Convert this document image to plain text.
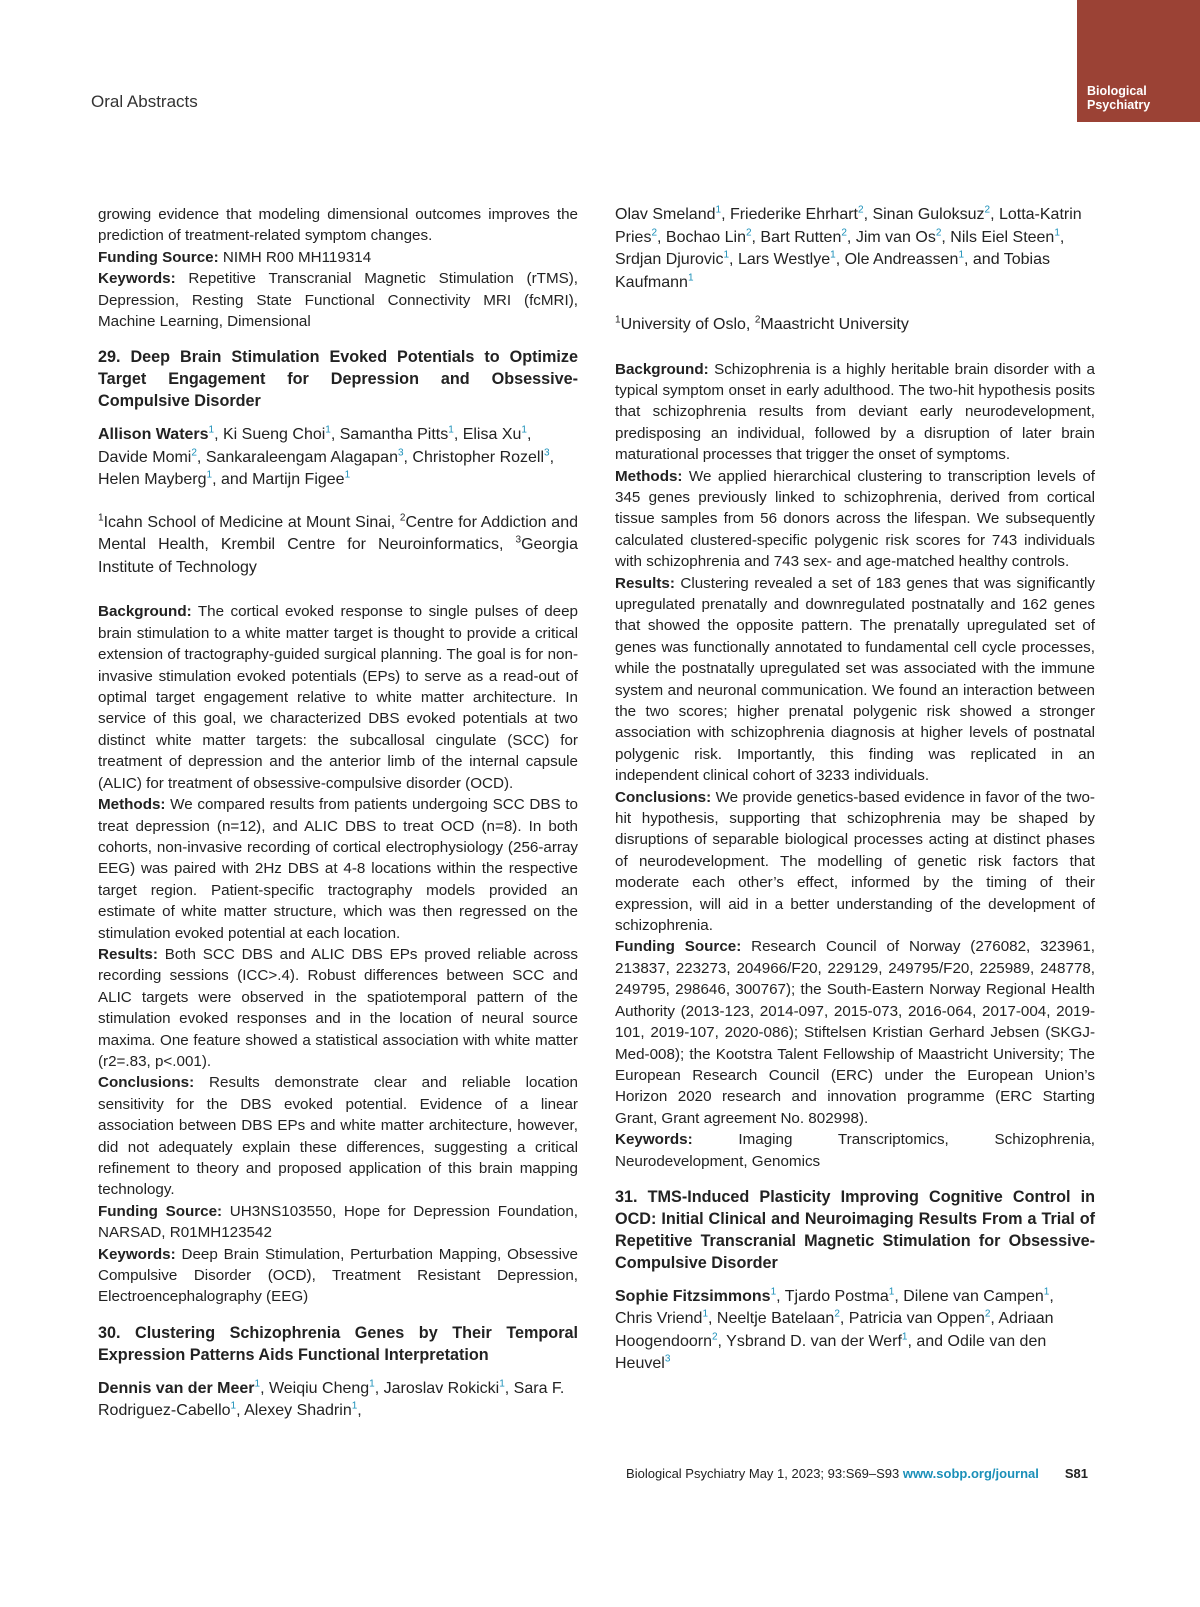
Oral Abstracts
Biological
Psychiatry

growing evidence that modeling dimensional outcomes improves the prediction of treatment-related symptom changes.

Funding Source: NIMH R00 MH119314

Keywords: Repetitive Transcranial Magnetic Stimulation (rTMS), Depression, Resting State Functional Connectivity MRI (fcMRI), Machine Learning, Dimensional

29. Deep Brain Stimulation Evoked Potentials to Optimize Target Engagement for Depression and Obsessive-Compulsive Disorder

Allison Waters$^1$, Ki Sueng Choi$^1$, Samantha Pitts$^1$, Elisa Xu$^1$, Davide Momi$^2$, Sankaraleengam Alagapan$^3$, Christopher Rozell$^3$, Helen Mayberg$^1$, and Martijn Figee$^1$

$^1$Icahn School of Medicine at Mount Sinai, $^2$Centre for Addiction and Mental Health, Krembil Centre for Neuroinformatics, $^3$Georgia Institute of Technology

Background: The cortical evoked response to single pulses of deep brain stimulation to a white matter target is thought to provide a critical extension of tractography-guided surgical planning. The goal is for non-invasive stimulation evoked potentials (EPs) to serve as a read-out of optimal target engagement relative to white matter architecture. In service of this goal, we characterized DBS evoked potentials at two distinct white matter targets: the subcallosal cingulate (SCC) for treatment of depression and the anterior limb of the internal capsule (ALIC) for treatment of obsessive-compulsive disorder (OCD).

Methods: We compared results from patients undergoing SCC DBS to treat depression (n=12), and ALIC DBS to treat OCD (n=8). In both cohorts, non-invasive recording of cortical electrophysiology (256-array EEG) was paired with 2Hz DBS at 4-8 locations within the respective target region. Patient-specific tractography models provided an estimate of white matter structure, which was then regressed on the stimulation evoked potential at each location.

Results: Both SCC DBS and ALIC DBS EPs proved reliable across recording sessions (ICC>.4). Robust differences between SCC and ALIC targets were observed in the spatiotemporal pattern of the stimulation evoked responses and in the location of neural source maxima. One feature showed a statistical association with white matter (r2=.83, p<.001).

Conclusions: Results demonstrate clear and reliable location sensitivity for the DBS evoked potential. Evidence of a linear association between DBS EPs and white matter architecture, however, did not adequately explain these differences, suggesting a critical refinement to theory and proposed application of this brain mapping technology.

Funding Source: UH3NS103550, Hope for Depression Foundation, NARSAD, R01MH123542

Keywords: Deep Brain Stimulation, Perturbation Mapping, Obsessive Compulsive Disorder (OCD), Treatment Resistant Depression, Electroencephalography (EEG)

30. Clustering Schizophrenia Genes by Their Temporal Expression Patterns Aids Functional Interpretation

Dennis van der Meer$^1$, Weiqiu Cheng$^1$, Jaroslav Rokicki$^1$, Sara F. Rodriguez-Cabello$^1$, Alexey Shadrin$^1$,

Olav Smeland$^1$, Friederike Ehrhart$^2$, Sinan Guloksuz$^2$, Lotta-Katrin Pries$^2$, Bochao Lin$^2$, Bart Rutten$^2$, Jim van Os$^2$, Nils Eiel Steen$^1$, Srdjan Djurovic$^1$, Lars Westlye$^1$, Ole Andreassen$^1$, and Tobias Kaufmann$^1$

$^1$University of Oslo, $^2$Maastricht University

Background: Schizophrenia is a highly heritable brain disorder with a typical symptom onset in early adulthood. The two-hit hypothesis posits that schizophrenia results from deviant early neurodevelopment, predisposing an individual, followed by a disruption of later brain maturational processes that trigger the onset of symptoms.

Methods: We applied hierarchical clustering to transcription levels of 345 genes previously linked to schizophrenia, derived from cortical tissue samples from 56 donors across the lifespan. We subsequently calculated clustered-specific polygenic risk scores for 743 individuals with schizophrenia and 743 sex- and age-matched healthy controls.

Results: Clustering revealed a set of 183 genes that was significantly upregulated prenatally and downregulated postnatally and 162 genes that showed the opposite pattern. The prenatally upregulated set of genes was functionally annotated to fundamental cell cycle processes, while the postnatally upregulated set was associated with the immune system and neuronal communication. We found an interaction between the two scores; higher prenatal polygenic risk showed a stronger association with schizophrenia diagnosis at higher levels of postnatal polygenic risk. Importantly, this finding was replicated in an independent clinical cohort of 3233 individuals.

Conclusions: We provide genetics-based evidence in favor of the two-hit hypothesis, supporting that schizophrenia may be shaped by disruptions of separable biological processes acting at distinct phases of neurodevelopment. The modelling of genetic risk factors that moderate each other’s effect, informed by the timing of their expression, will aid in a better understanding of the development of schizophrenia.

Funding Source: Research Council of Norway (276082, 323961, 213837, 223273, 204966/F20, 229129, 249795/F20, 225989, 248778, 249795, 298646, 300767); the South-Eastern Norway Regional Health Authority (2013-123, 2014-097, 2015-073, 2016-064, 2017-004, 2019-101, 2019-107, 2020-086); Stiftelsen Kristian Gerhard Jebsen (SKGJ-Med-008); the Kootstra Talent Fellowship of Maastricht University; The European Research Council (ERC) under the European Union’s Horizon 2020 research and innovation programme (ERC Starting Grant, Grant agreement No. 802998).

Keywords: Imaging Transcriptomics, Schizophrenia, Neurodevelopment, Genomics

31. TMS-Induced Plasticity Improving Cognitive Control in OCD: Initial Clinical and Neuroimaging Results From a Trial of Repetitive Transcranial Magnetic Stimulation for Obsessive-Compulsive Disorder

Sophie Fitzsimmons$^1$, Tjardo Postma$^1$, Dilene van Campen$^1$, Chris Vriend$^1$, Neeltje Batelaan$^2$, Patricia van Oppen$^2$, Adriaan Hoogendoorn$^2$, Ysbrand D. van der Werf$^1$, and Odile van den Heuvel$^3$

Biological Psychiatry May 1, 2023; 93:S69–S93 www.sobp.org/journal S81
